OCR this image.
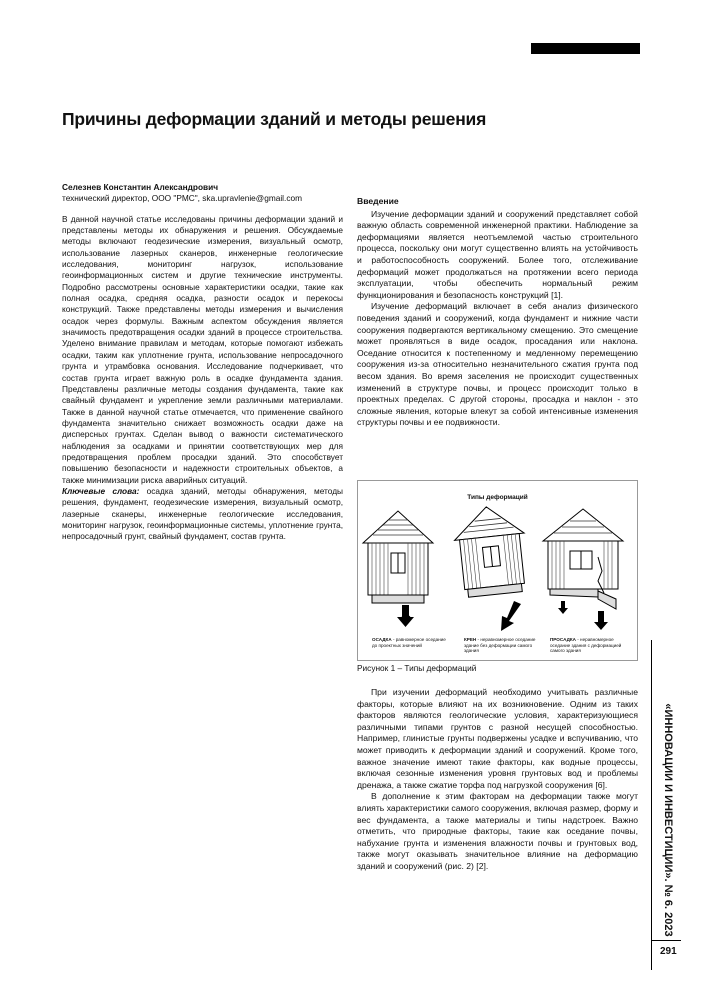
Причины деформации зданий и методы решения
Селезнев Константин Александрович
технический директор, ООО "РМС", ska.upravlenie@gmail.com

В данной научной статье исследованы причины деформации зданий и представлены методы их обнаружения и решения. Обсуждаемые методы включают геодезические измерения, визуальный осмотр, использование лазерных сканеров, инженерные геологические исследования, мониторинг нагрузок, использование геоинформационных систем и другие технические инструменты. Подробно рассмотрены основные характеристики осадки, такие как полная осадка, средняя осадка, разности осадок и перекосы конструкций. Также представлены методы измерения и вычисления осадок через формулы. Важным аспектом обсуждения является значимость предотвращения осадки зданий в процессе строительства. Уделено внимание правилам и методам, которые помогают избежать осадки, таким как уплотнение грунта, использование непросадочного грунта и утрамбовка основания. Исследование подчеркивает, что состав грунта играет важную роль в осадке фундамента здания. Представлены различные методы создания фундамента, такие как свайный фундамент и укрепление земли различными материалами. Также в данной научной статье отмечается, что применение свайного фундамента значительно снижает возможность осадки даже на дисперсных грунтах. Сделан вывод о важности систематического наблюдения за осадками и принятии соответствующих мер для предотвращения проблем просадки зданий. Это способствует повышению безопасности и надежности строительных объектов, а также минимизации риска аварийных ситуаций.

Ключевые слова: осадка зданий, методы обнаружения, методы решения, фундамент, геодезические измерения, визуальный осмотр, лазерные сканеры, инженерные геологические исследования, мониторинг нагрузок, геоинформационные системы, уплотнение грунта, непросадочный грунт, свайный фундамент, состав грунта.

Введение

Изучение деформации зданий и сооружений представляет собой важную область современной инженерной практики. Наблюдение за деформациями является неотъемлемой частью строительного процесса, поскольку они могут существенно влиять на устойчивость и работоспособность сооружений. Более того, отслеживание деформаций может продолжаться на протяжении всего периода эксплуатации, чтобы обеспечить нормальный режим функционирования и безопасность конструкций [1].

Изучение деформаций включает в себя анализ физического поведения зданий и сооружений, когда фундамент и нижние части сооружения подвергаются вертикальному смещению. Это смещение может проявляться в виде осадок, просадания или наклона. Оседание относится к постепенному и медленному перемещению сооружения из-за относительно незначительного сжатия грунта под весом здания. Во время заселения не происходит существенных изменений в структуре почвы, и процесс происходит только в проектных пределах. С другой стороны, просадка и наклон - это сложные явления, которые влекут за собой интенсивные изменения структуры почвы и ее подвижности.

Типы деформаций
ОСАДКА - равномерное оседание до проектных значений
КРЕН - неравномерное оседание здание без деформации самого здания
ПРОСАДКА - неравномерное оседание здания с деформацией самого здания
Рисунок 1 – Типы деформаций

При изучении деформаций необходимо учитывать различные факторы, которые влияют на их возникновение. Одним из таких факторов являются геологические условия, характеризующиеся различными типами грунтов с разной несущей способностью. Например, глинистые грунты подвержены усадке и вспучиванию, что может приводить к деформации зданий и сооружений. Кроме того, важное значение имеют такие факторы, как водные процессы, включая сезонные изменения уровня грунтовых вод и проблемы дренажа, а также сжатие торфа под нагрузкой сооружения [6].

В дополнение к этим факторам на деформации также могут влиять характеристики самого сооружения, включая размер, форму и вес фундамента, а также материалы и типы надстроек. Важно отметить, что природные факторы, такие как оседание почвы, набухание грунта и изменения влажности почвы и грунтовых вод, также могут оказывать значительное влияние на деформацию зданий и сооружений (рис. 2) [2].	«ИННОВАЦИИ И ИНВЕСТИЦИИ». № 6. 2023
291
